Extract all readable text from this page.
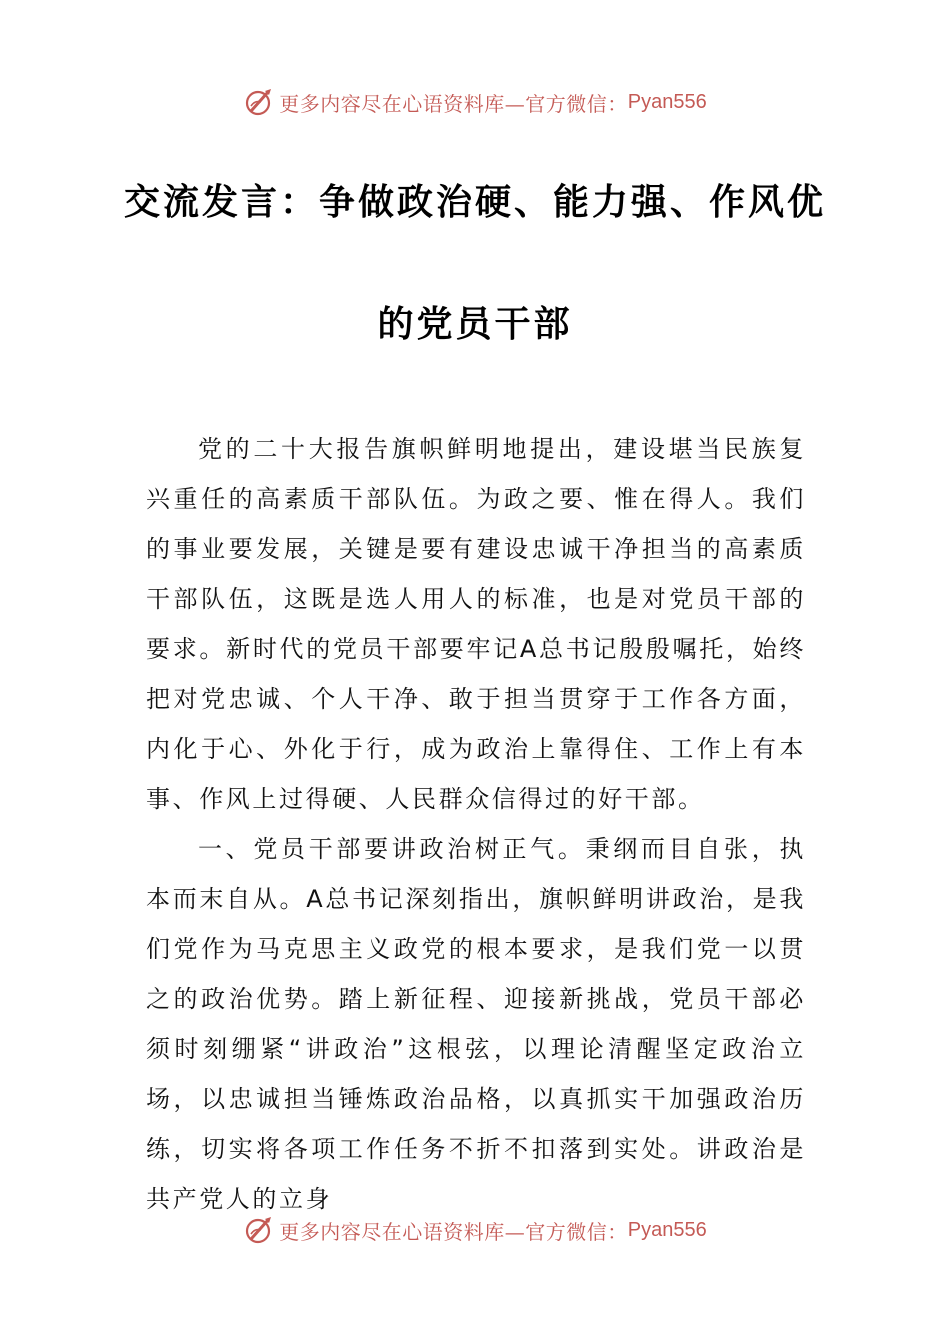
更多内容尽在心语资料库—官方微信： Pyan556
交流发言：争做政治硬、能力强、作风优
的党员干部

党的二十大报告旗帜鲜明地提出，建设堪当民族复兴重任的高素质干部队伍。为政之要、惟在得人。我们的事业要发展，关键是要有建设忠诚干净担当的高素质干部队伍，这既是选人用人的标准，也是对党员干部的要求。新时代的党员干部要牢记A总书记殷殷嘱托，始终把对党忠诚、个人干净、敢于担当贯穿于工作各方面，内化于心、外化于行，成为政治上靠得住、工作上有本事、作风上过得硬、人民群众信得过的好干部。

一、党员干部要讲政治树正气。秉纲而目自张，执本而末自从。A总书记深刻指出，旗帜鲜明讲政治，是我们党作为马克思主义政党的根本要求，是我们党一以贯之的政治优势。踏上新征程、迎接新挑战，党员干部必须时刻绷紧“讲政治”这根弦，以理论清醒坚定政治立场，以忠诚担当锤炼政治品格，以真抓实干加强政治历练，切实将各项工作任务不折不扣落到实处。讲政治是共产党人的立身

更多内容尽在心语资料库—官方微信： Pyan556
